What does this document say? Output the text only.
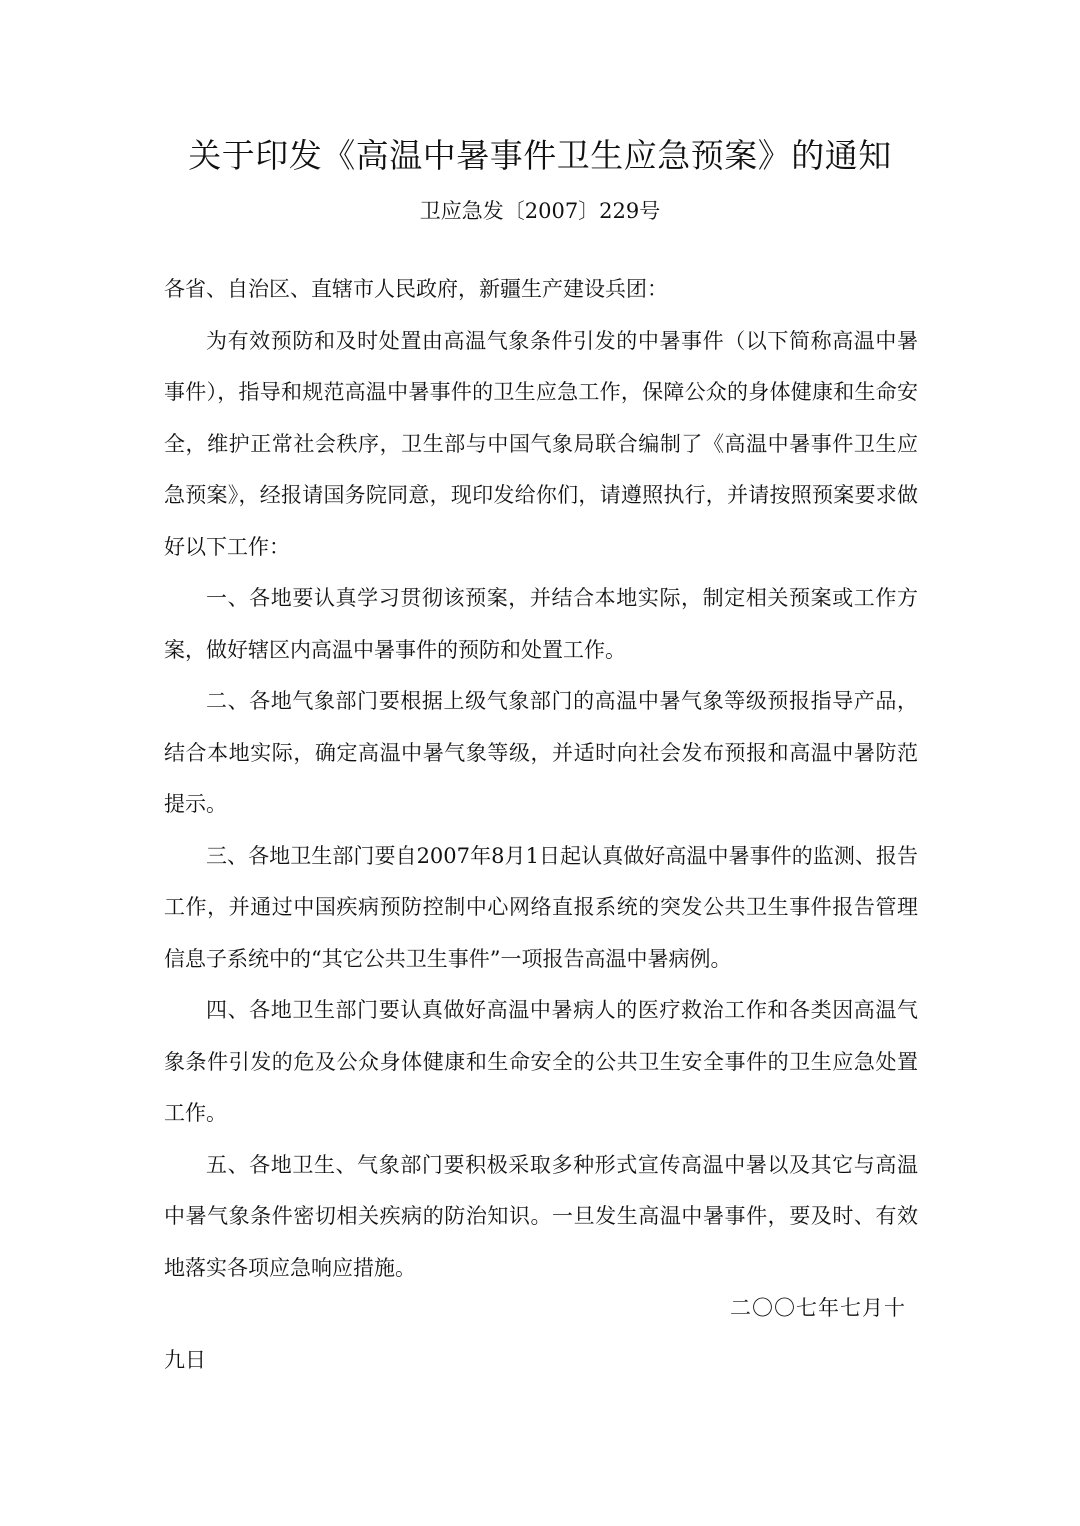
关于印发《高温中暑事件卫生应急预案》的通知
卫应急发〔2007〕229号

各省、自治区、直辖市人民政府，新疆生产建设兵团：

为有效预防和及时处置由高温气象条件引发的中暑事件（以下简称高温中暑事件），指导和规范高温中暑事件的卫生应急工作，保障公众的身体健康和生命安全，维护正常社会秩序，卫生部与中国气象局联合编制了《高温中暑事件卫生应急预案》，经报请国务院同意，现印发给你们，请遵照执行，并请按照预案要求做好以下工作：

一、各地要认真学习贯彻该预案，并结合本地实际，制定相关预案或工作方案，做好辖区内高温中暑事件的预防和处置工作。

二、各地气象部门要根据上级气象部门的高温中暑气象等级预报指导产品，结合本地实际，确定高温中暑气象等级，并适时向社会发布预报和高温中暑防范提示。

三、各地卫生部门要自2007年8月1日起认真做好高温中暑事件的监测、报告工作，并通过中国疾病预防控制中心网络直报系统的突发公共卫生事件报告管理信息子系统中的“其它公共卫生事件”一项报告高温中暑病例。

四、各地卫生部门要认真做好高温中暑病人的医疗救治工作和各类因高温气象条件引发的危及公众身体健康和生命安全的公共卫生安全事件的卫生应急处置工作。

五、各地卫生、气象部门要积极采取多种形式宣传高温中暑以及其它与高温中暑气象条件密切相关疾病的防治知识。一旦发生高温中暑事件，要及时、有效地落实各项应急响应措施。

二〇〇七年七月十
九日
